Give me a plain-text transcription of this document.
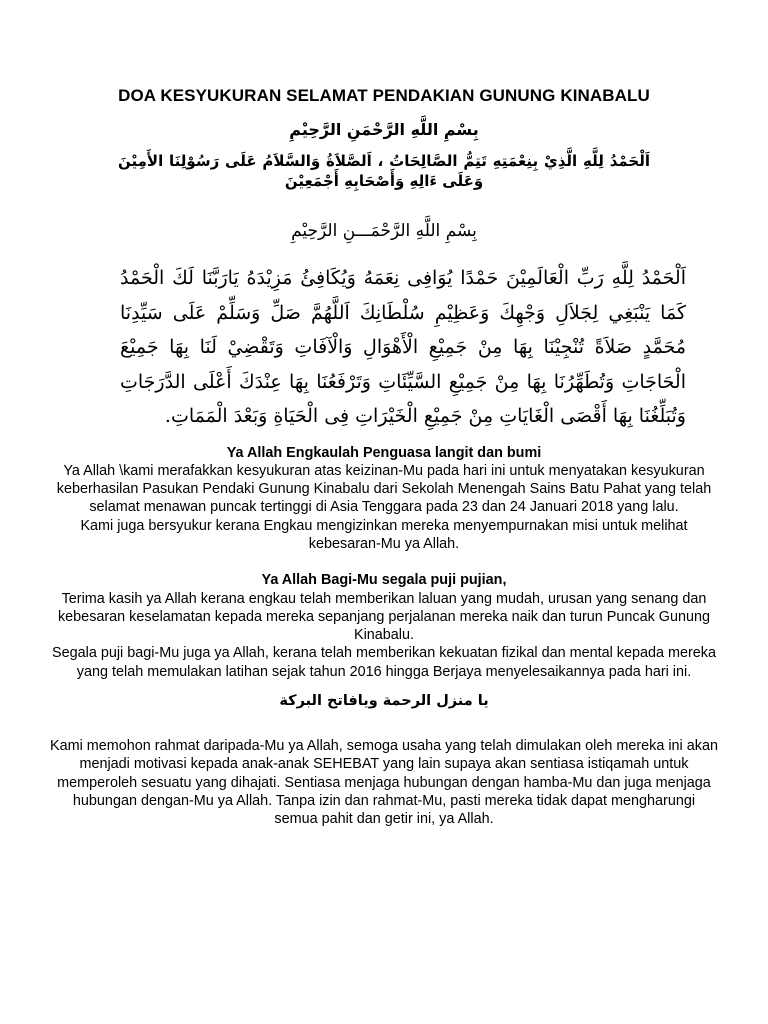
DOA KESYUKURAN SELAMAT PENDAKIAN GUNUNG KINABALU
بِسْمِ اللَّهِ الرَّحْمَنِ الرَّحِيْمِ
اَلْحَمْدُ لِلَّهِ الَّذِيْ بِنِعْمَتِهِ تَتِمُّ الصَّالِحَاتُ ، اَلصَّلاَةُ وَالسَّلاَمُ عَلَى رَسُوْلِنَا الأَمِيْنَ وَعَلَى ءَالِهِ وَأَصْحَابِهِ أَجْمَعِيْنَ
بِسْمِ اللَّهِ الرَّحْمَـــنِ الرَّحِيْمِ
اَلْحَمْدُ لِلَّهِ رَبِّ الْعَالَمِيْنَ حَمْدًا يُوَافِى نِعَمَهُ وَيُكَافِئُ مَزِيْدَهُ يَارَبَّنَا لَكَ الْحَمْدُ كَمَا يَنْبَغِي لِجَلاَلِ وَجْهِكَ وَعَظِيْمِ سُلْطَانِكَ اَللَّهُمَّ صَلِّ وَسَلِّمْ عَلَى سَيِّدِنَا مُحَمَّدٍ صَلاَةً تُنْجِيْنَا بِهَا مِنْ جَمِيْعِ الْأَهْوَالِ وَالْآفَاتِ وَتَقْضِيْ لَنَا بِهَا جَمِيْعَ الْحَاجَاتِ وَتُطَهِّرُنَا بِهَا مِنْ جَمِيْعِ السَّيِّئَاتِ وَتَرْفَعُنَا بِهَا عِنْدَكَ أَعْلَى الدَّرَجَاتِ وَتُبَلِّغُنَا بِهَا أَقْصَى الْغَايَاتِ مِنْ جَمِيْعِ الْخَيْرَاتِ فِى الْحَيَاةِ وَبَعْدَ الْمَمَاتِ.

Ya Allah Engkaulah Penguasa langit dan bumi

Ya Allah \kami merafakkan kesyukuran atas keizinan-Mu pada hari ini untuk menyatakan kesyukuran keberhasilan Pasukan Pendaki Gunung Kinabalu dari Sekolah Menengah Sains Batu Pahat yang telah selamat menawan puncak tertinggi di Asia Tenggara pada 23 dan 24 Januari 2018 yang lalu.

Kami juga bersyukur kerana Engkau mengizinkan mereka menyempurnakan misi untuk melihat kebesaran-Mu ya Allah.

Ya Allah Bagi-Mu segala puji pujian,

Terima kasih ya Allah kerana engkau telah memberikan laluan yang mudah, urusan yang senang dan kebesaran keselamatan kepada mereka sepanjang perjalanan mereka naik dan turun Puncak Gunung Kinabalu.

Segala puji bagi-Mu juga ya Allah, kerana telah memberikan kekuatan fizikal dan mental kepada mereka yang telah memulakan latihan sejak tahun 2016 hingga Berjaya menyelesaikannya pada hari ini.

يا منزل الرحمة ويافاتح البركة

Kami memohon rahmat daripada-Mu ya Allah, semoga usaha yang telah dimulakan oleh mereka ini akan menjadi motivasi kepada anak-anak SEHEBAT yang lain supaya akan sentiasa istiqamah untuk memperoleh sesuatu yang dihajati. Sentiasa menjaga hubungan dengan hamba-Mu dan juga menjaga hubungan dengan-Mu ya Allah. Tanpa izin dan rahmat-Mu, pasti mereka tidak dapat mengharungi semua pahit dan getir ini, ya Allah.
